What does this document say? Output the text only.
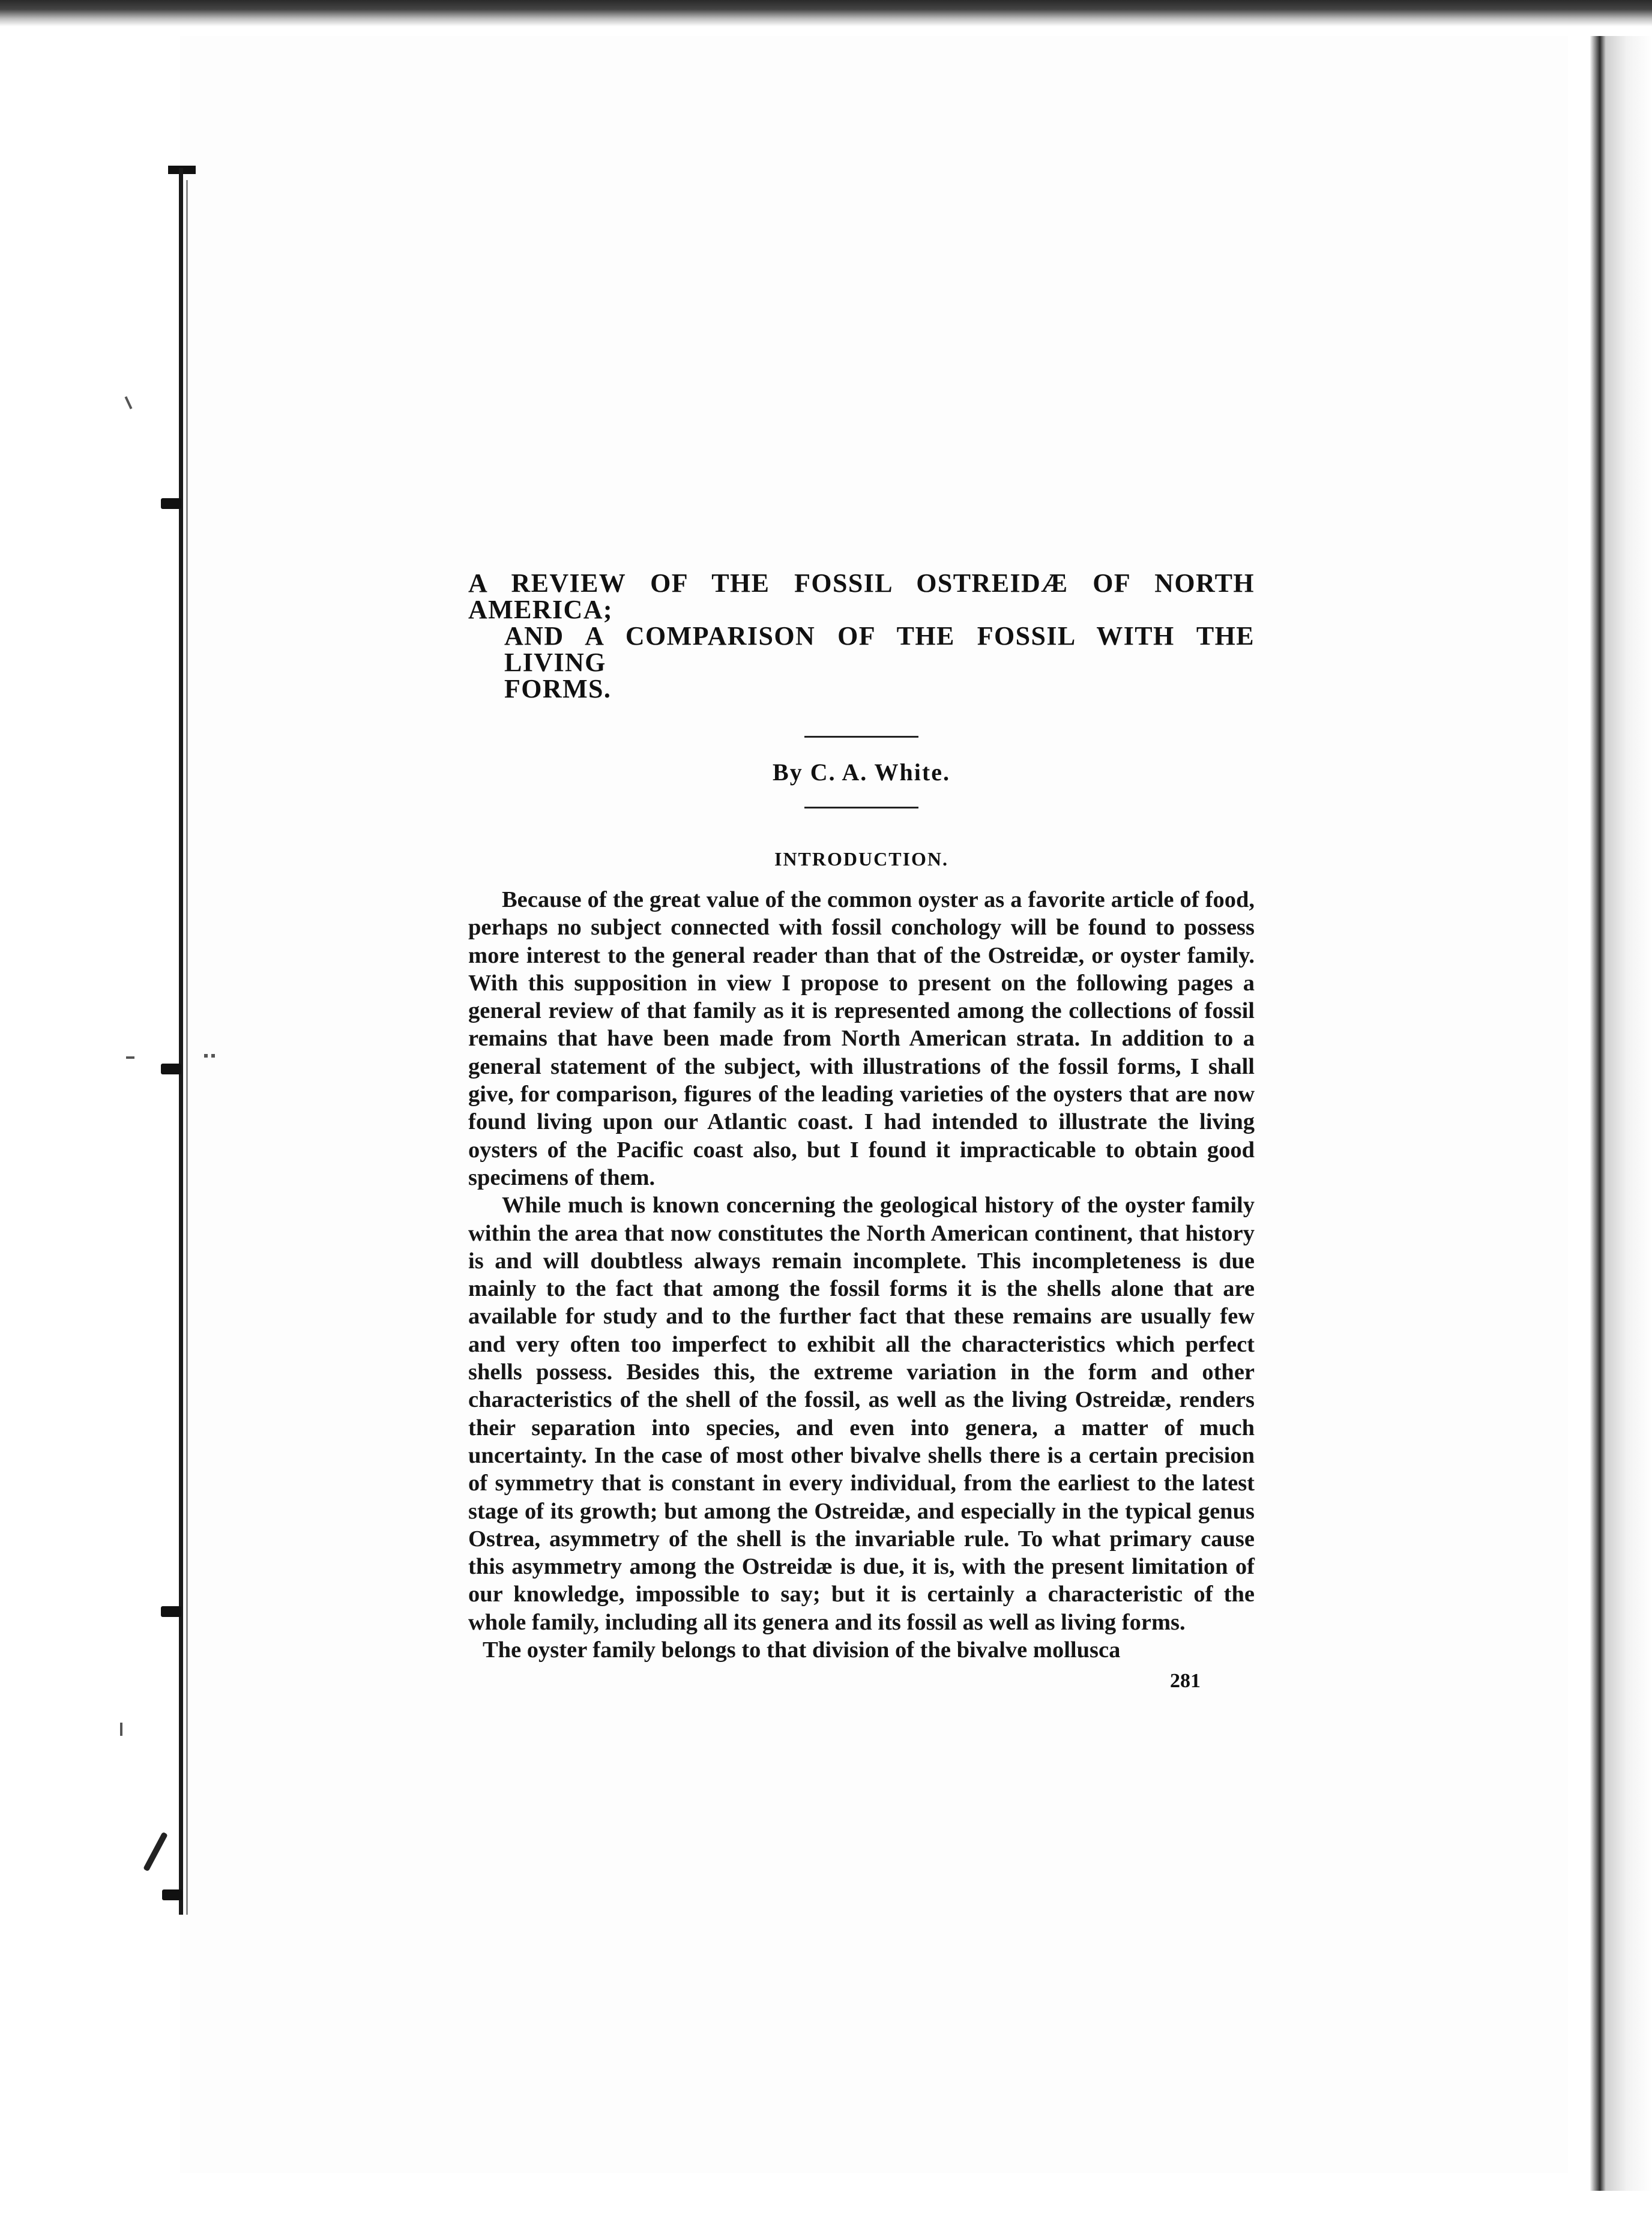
A REVIEW OF THE FOSSIL OSTREIDÆ OF NORTH AMERICA;
AND A COMPARISON OF THE FOSSIL WITH THE LIVING
FORMS.

By C. A. White.

INTRODUCTION.

Because of the great value of the common oyster as a favorite article of food, perhaps no subject connected with fossil conchology will be found to possess more interest to the general reader than that of the Ostreidæ, or oyster family. With this supposition in view I propose to present on the following pages a general review of that family as it is represented among the collections of fossil remains that have been made from North American strata. In addition to a general statement of the subject, with illustrations of the fossil forms, I shall give, for comparison, figures of the leading varieties of the oysters that are now found living upon our Atlantic coast. I had intended to illustrate the living oysters of the Pacific coast also, but I found it impracticable to obtain good specimens of them.

While much is known concerning the geological history of the oyster family within the area that now constitutes the North American continent, that history is and will doubtless always remain incomplete. This incompleteness is due mainly to the fact that among the fossil forms it is the shells alone that are available for study and to the further fact that these remains are usually few and very often too imperfect to exhibit all the characteristics which perfect shells possess. Besides this, the extreme variation in the form and other characteristics of the shell of the fossil, as well as the living Ostreidæ, renders their separation into species, and even into genera, a matter of much uncertainty. In the case of most other bivalve shells there is a certain precision of symmetry that is constant in every individual, from the earliest to the latest stage of its growth; but among the Ostreidæ, and especially in the typical genus Ostrea, asymmetry of the shell is the invariable rule. To what primary cause this asymmetry among the Ostreidæ is due, it is, with the present limitation of our knowledge, impossible to say; but it is certainly a characteristic of the whole family, including all its genera and its fossil as well as living forms.

The oyster family belongs to that division of the bivalve mollusca

281
